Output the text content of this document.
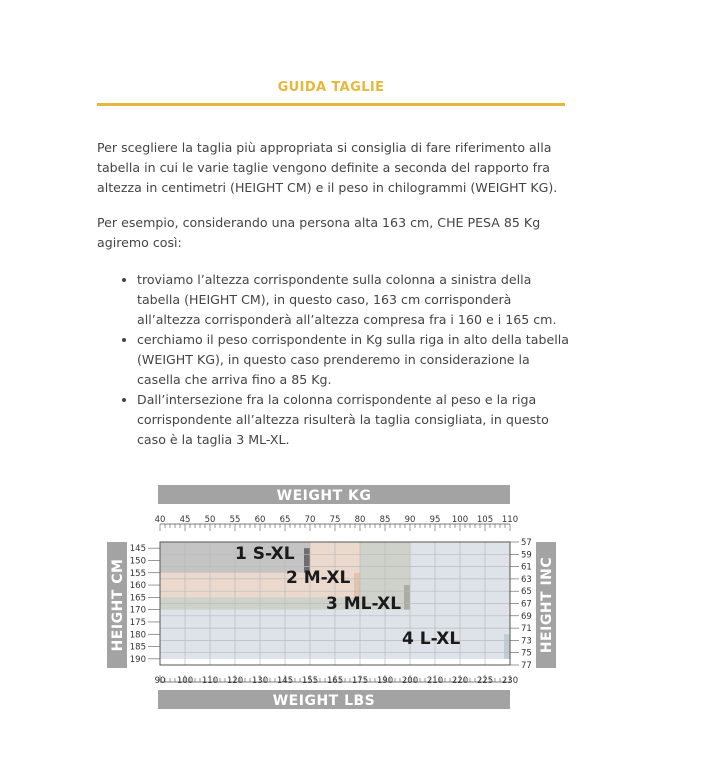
GUIDA TAGLIE

Per scegliere la taglia più appropriata si consiglia di fare riferimento alla tabella in cui le varie taglie vengono definite a seconda del rapporto fra altezza in centimetri (HEIGHT CM) e il peso in chilogrammi (WEIGHT KG).

Per esempio, considerando una persona alta 163 cm, CHE PESA 85 Kg agiremo così:

• troviamo l’altezza corrispondente sulla colonna a sinistra della tabella (HEIGHT CM), in questo caso, 163 cm corrisponderà all’altezza corrisponderà all’altezza compresa fra i 160 e i 165 cm.
• cerchiamo il peso corrispondente in Kg sulla riga in alto della tabella (WEIGHT KG), in questo caso prenderemo in considerazione la casella che arriva fino a 85 Kg.
• Dall’intersezione fra la colonna corrispondente al peso e la riga corrispondente all’altezza risulterà la taglia consigliata, in questo caso è la taglia 3 ML-XL.
WEIGHT KG
WEIGHT LBS
HEIGHT CM	HEIGHT INC
40 45 50 55 60 65 70 75 80 85 90 95 100 105 110
90 100 110 120 130 145 155 165 175 190 200 210 220 225 230
145
150
155
160
165
170
175
180
185
190
57
59
61
63
65
67
69
71
73
75
77
1 S-XL
2 M-XL
3 ML-XL
4 L-XL
